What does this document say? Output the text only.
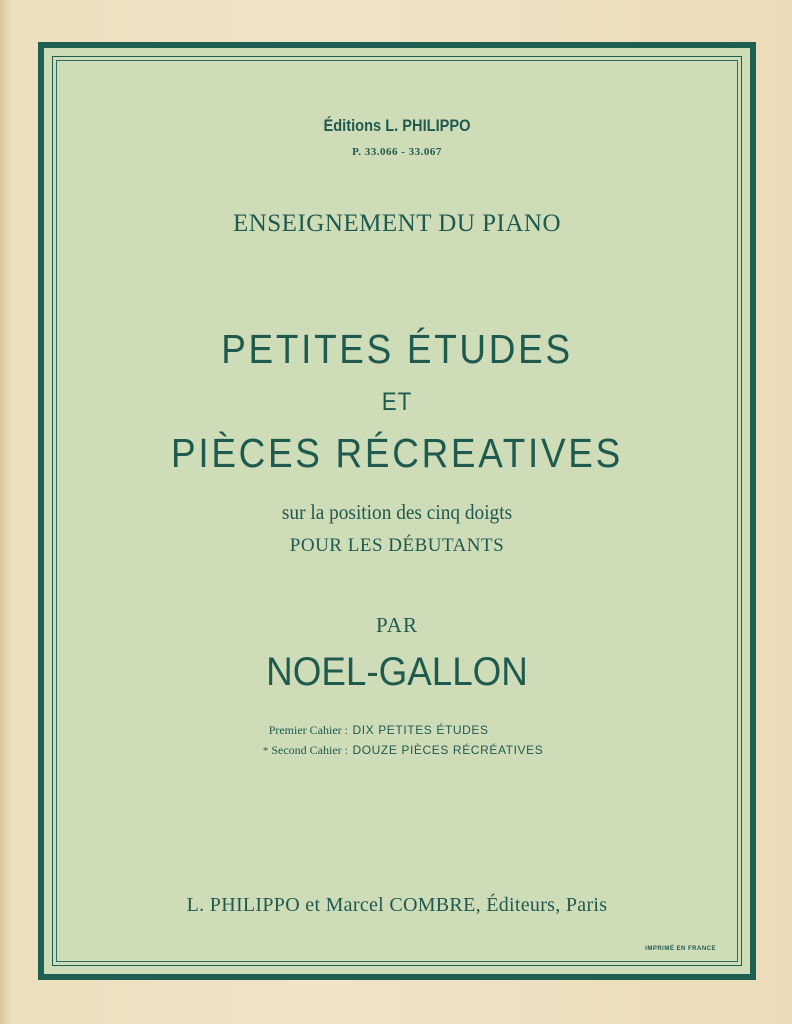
Éditions L. PHILIPPO
P. 33.066 - 33.067
ENSEIGNEMENT DU PIANO
PETITES ÉTUDES
ET
PIÈCES RÉCREATIVES
sur la position des cinq doigts
POUR LES DÉBUTANTS
PAR
NOEL-GALLON
Premier Cahier : DIX PETITES ÉTUDES
* Second Cahier : DOUZE PIÈCES RÉCRÉATIVES
L. PHILIPPO et Marcel COMBRE, Éditeurs, Paris
IMPRIMÉ EN FRANCE
